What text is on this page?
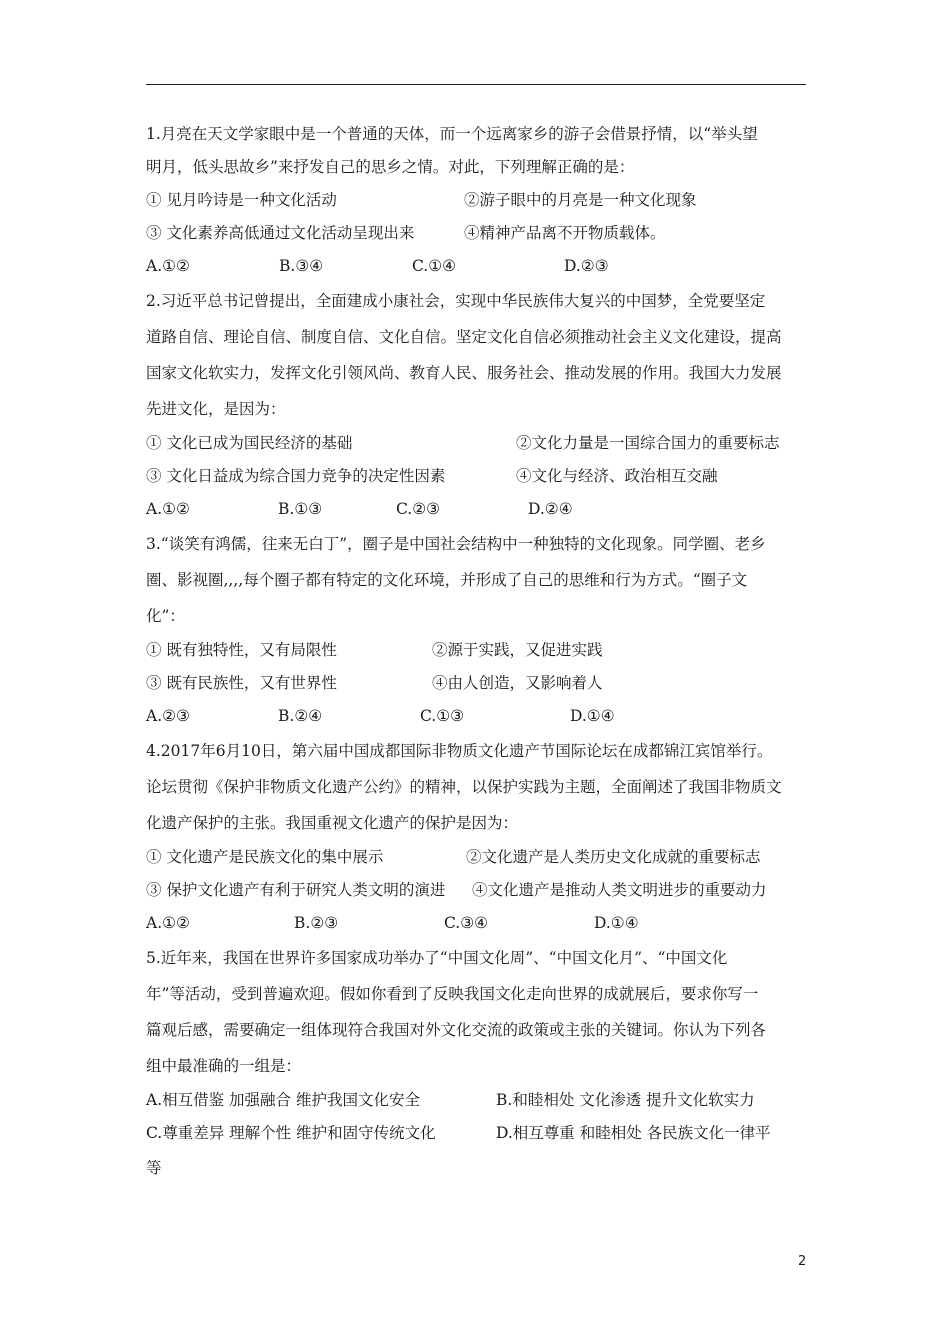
1.月亮在天文学家眼中是一个普通的天体，而一个远离家乡的游子会借景抒情，以“举头望
明月，低头思故乡”来抒发自己的思乡之情。对此，下列理解正确的是：
① 见月吟诗是一种文化活动	②游子眼中的月亮是一种文化现象
③ 文化素养高低通过文化活动呈现出来	④精神产品离不开物质载体。
A.①②	B.③④	C.①④	D.②③
2.习近平总书记曾提出，全面建成小康社会，实现中华民族伟大复兴的中国梦，全党要坚定
道路自信、理论自信、制度自信、文化自信。坚定文化自信必须推动社会主义文化建设，提高
国家文化软实力，发挥文化引领风尚、教育人民、服务社会、推动发展的作用。我国大力发展
先进文化，是因为：
① 文化已成为国民经济的基础	②文化力量是一国综合国力的重要标志
③ 文化日益成为综合国力竞争的决定性因素	④文化与经济、政治相互交融
A.①②	B.①③	C.②③	D.②④
3.“谈笑有鸿儒，往来无白丁”，圈子是中国社会结构中一种独特的文化现象。同学圈、老乡
圈、影视圈,,,,每个圈子都有特定的文化环境，并形成了自己的思维和行为方式。“圈子文
化”：
① 既有独特性，又有局限性	②源于实践，又促进实践
③ 既有民族性，又有世界性	④由人创造，又影响着人
A.②③	B.②④	C.①③	D.①④
4.2017年6月10日，第六届中国成都国际非物质文化遗产节国际论坛在成都锦江宾馆举行。
论坛贯彻《保护非物质文化遗产公约》的精神，以保护实践为主题，全面阐述了我国非物质文
化遗产保护的主张。我国重视文化遗产的保护是因为：
① 文化遗产是民族文化的集中展示	②文化遗产是人类历史文化成就的重要标志
③ 保护文化遗产有利于研究人类文明的演进 ④文化遗产是推动人类文明进步的重要动力
A.①②	B.②③	C.③④	D.①④
5.近年来，我国在世界许多国家成功举办了“中国文化周”、“中国文化月”、“中国文化
年”等活动，受到普遍欢迎。假如你看到了反映我国文化走向世界的成就展后，要求你写一
篇观后感，需要确定一组体现符合我国对外文化交流的政策或主张的关键词。你认为下列各
组中最准确的一组是：
A.相互借鉴 加强融合 维护我国文化安全	B.和睦相处 文化渗透 提升文化软实力
C.尊重差异 理解个性 维护和固守传统文化	D.相互尊重 和睦相处 各民族文化一律平
等
2
